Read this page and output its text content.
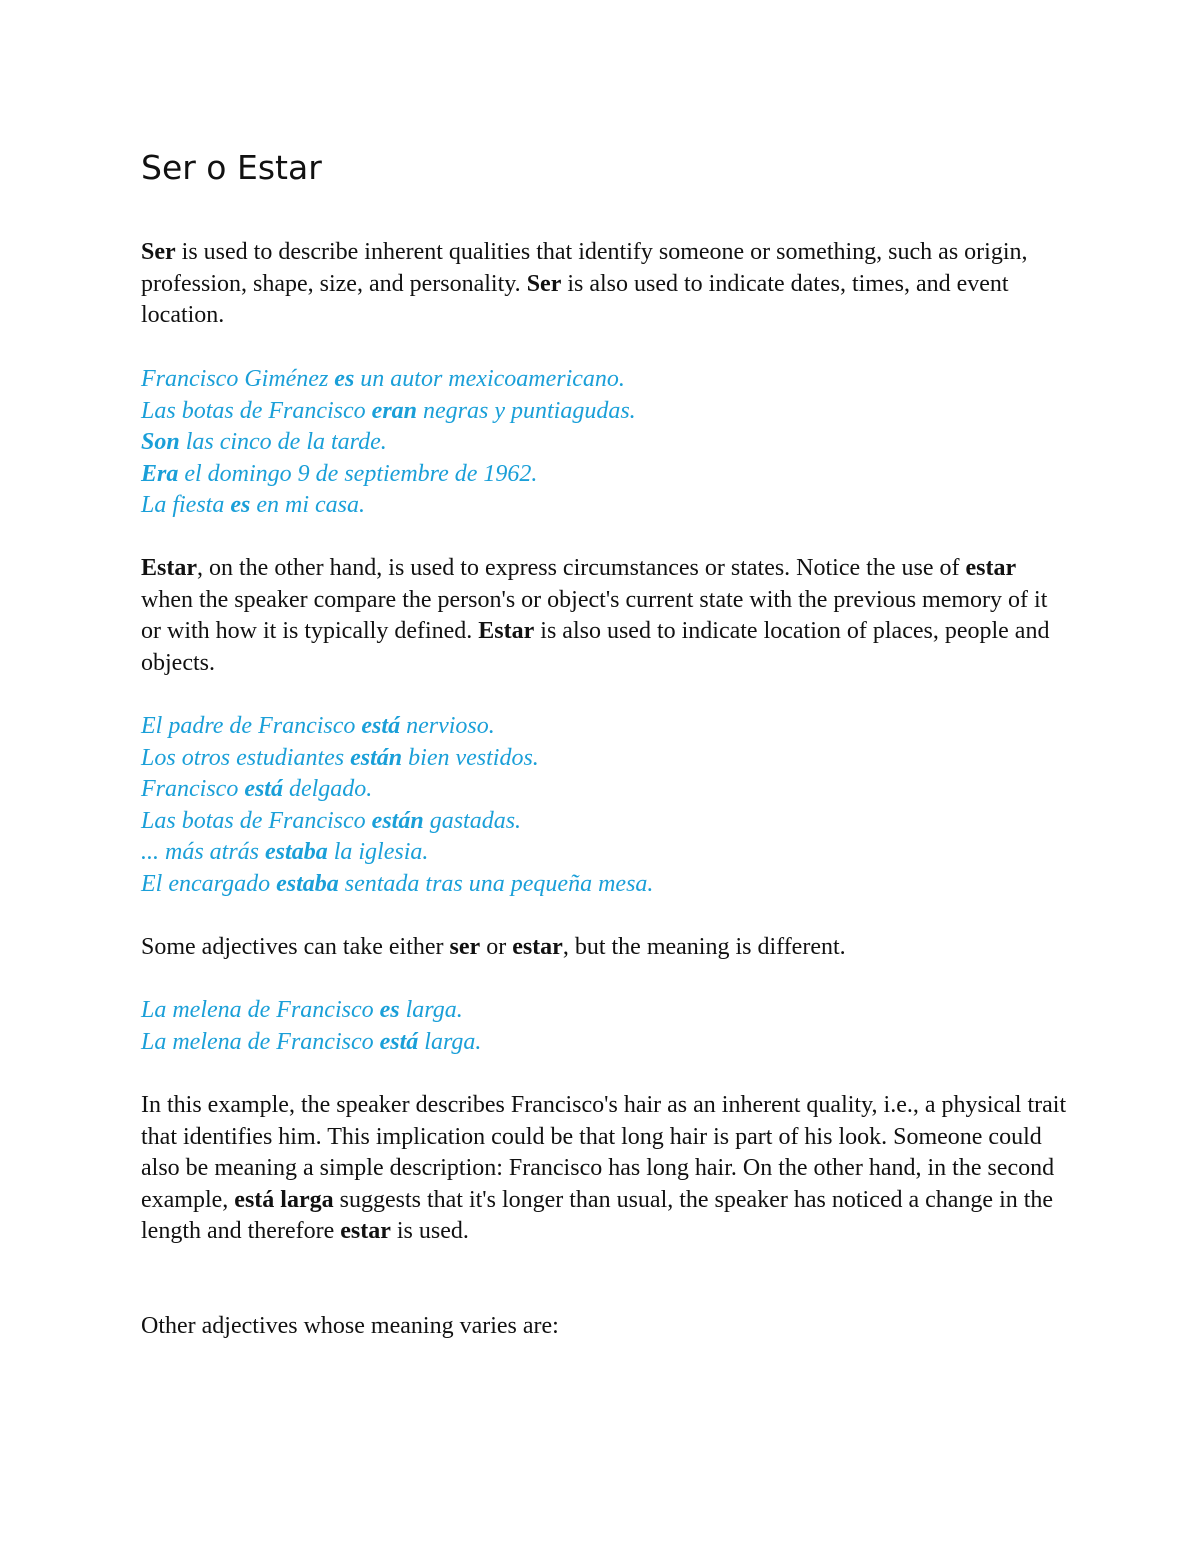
Ser o Estar

Ser is used to describe inherent qualities that identify someone or something, such as origin, profession, shape, size, and personality. Ser is also used to indicate dates, times, and event location.

Francisco Giménez es un autor mexicoamericano.
Las botas de Francisco eran negras y puntiagudas.
Son las cinco de la tarde.
Era el domingo 9 de septiembre de 1962.
La fiesta es en mi casa.

Estar, on the other hand, is used to express circumstances or states. Notice the use of estar when the speaker compare the person's or object's current state with the previous memory of it or with how it is typically defined. Estar is also used to indicate location of places, people and objects.

El padre de Francisco está nervioso.
Los otros estudiantes están bien vestidos.
Francisco está delgado.
Las botas de Francisco están gastadas.
... más atrás estaba la iglesia.
El encargado estaba sentada tras una pequeña mesa.

Some adjectives can take either ser or estar, but the meaning is different.

La melena de Francisco es larga.
La melena de Francisco está larga.

In this example, the speaker describes Francisco's hair as an inherent quality, i.e., a physical trait that identifies him. This implication could be that long hair is part of his look. Someone could also be meaning a simple description: Francisco has long hair. On the other hand, in the second example, está larga suggests that it's longer than usual, the speaker has noticed a change in the length and therefore estar is used.

Other adjectives whose meaning varies are:
